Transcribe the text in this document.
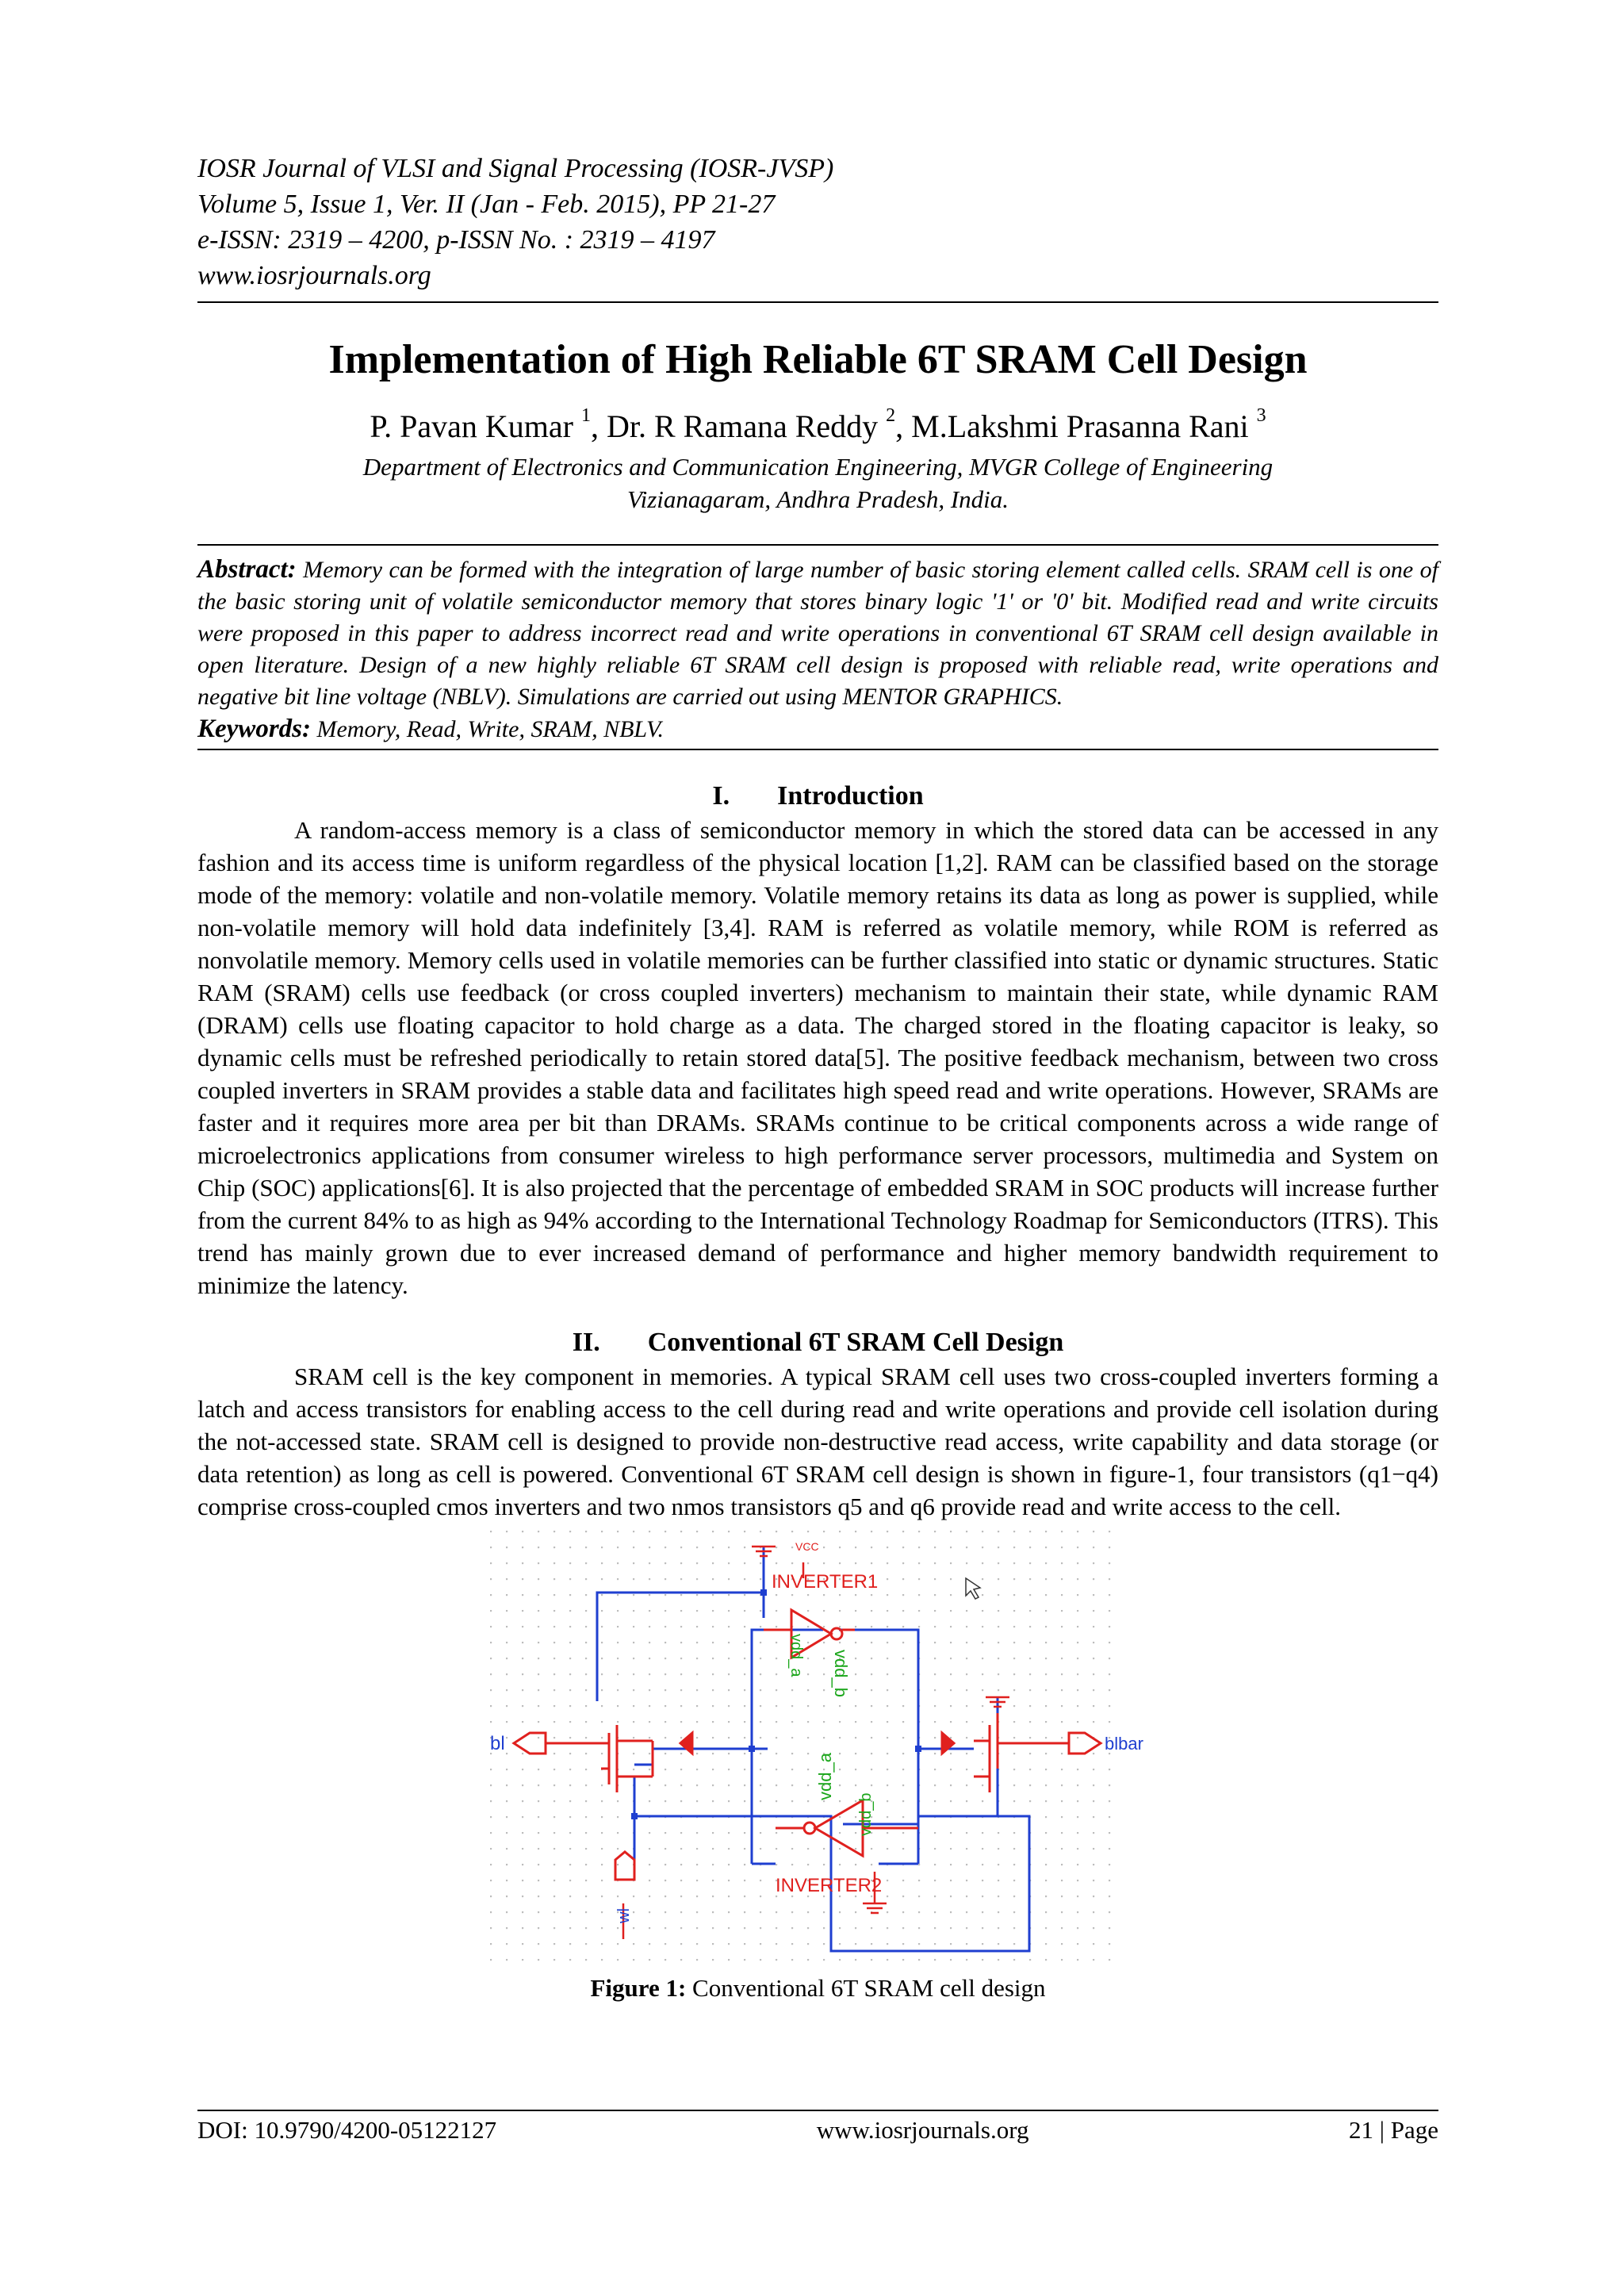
IOSR Journal of VLSI and Signal Processing (IOSR-JVSP)
Volume 5, Issue 1, Ver. II (Jan - Feb. 2015), PP 21-27
e-ISSN: 2319 – 4200, p-ISSN No. : 2319 – 4197
www.iosrjournals.org
Implementation of High Reliable 6T SRAM Cell Design
P. Pavan Kumar $^1$, Dr. R Ramana Reddy $^2$, M.Lakshmi Prasanna Rani $^3$
Department of Electronics and Communication Engineering, MVGR College of Engineering
Vizianagaram, Andhra Pradesh, India.
Abstract: Memory can be formed with the integration of large number of basic storing element called cells. SRAM cell is one of the basic storing unit of volatile semiconductor memory that stores binary logic '1' or '0' bit. Modified read and write circuits were proposed in this paper to address incorrect read and write operations in conventional 6T SRAM cell design available in open literature. Design of a new highly reliable 6T SRAM cell design is proposed with reliable read, write operations and negative bit line voltage (NBLV). Simulations are carried out using MENTOR GRAPHICS.
Keywords: Memory, Read, Write, SRAM, NBLV.
I. Introduction

A random-access memory is a class of semiconductor memory in which the stored data can be accessed in any fashion and its access time is uniform regardless of the physical location [1,2]. RAM can be classified based on the storage mode of the memory: volatile and non-volatile memory. Volatile memory retains its data as long as power is supplied, while non-volatile memory will hold data indefinitely [3,4]. RAM is referred as volatile memory, while ROM is referred as nonvolatile memory. Memory cells used in volatile memories can be further classified into static or dynamic structures. Static RAM (SRAM) cells use feedback (or cross coupled inverters) mechanism to maintain their state, while dynamic RAM (DRAM) cells use floating capacitor to hold charge as a data. The charged stored in the floating capacitor is leaky, so dynamic cells must be refreshed periodically to retain stored data[5]. The positive feedback mechanism, between two cross coupled inverters in SRAM provides a stable data and facilitates high speed read and write operations. However, SRAMs are faster and it requires more area per bit than DRAMs. SRAMs continue to be critical components across a wide range of microelectronics applications from consumer wireless to high performance server processors, multimedia and System on Chip (SOC) applications[6]. It is also projected that the percentage of embedded SRAM in SOC products will increase further from the current 84% to as high as 94% according to the International Technology Roadmap for Semiconductors (ITRS). This trend has mainly grown due to ever increased demand of performance and higher memory bandwidth requirement to minimize the latency.

II. Conventional 6T SRAM Cell Design

SRAM cell is the key component in memories. A typical SRAM cell uses two cross-coupled inverters forming a latch and access transistors for enabling access to the cell during read and write operations and provide cell isolation during the not-accessed state. SRAM cell is designed to provide non-destructive read access, write capability and data storage (or data retention) as long as cell is powered. Conventional 6T SRAM cell design is shown in figure-1, four transistors (q1−q4) comprise cross-coupled cmos inverters and two nmos transistors q5 and q6 provide read and write access to the cell.

INVERTER1
INVERTER2
bl	blbar
wl
VCC
vdd_a vdd_b
vdd_a
vdd_b
Figure 1: Conventional 6T SRAM cell design
DOI: 10.9790/4200-05122127	www.iosrjournals.org	21 | Page
